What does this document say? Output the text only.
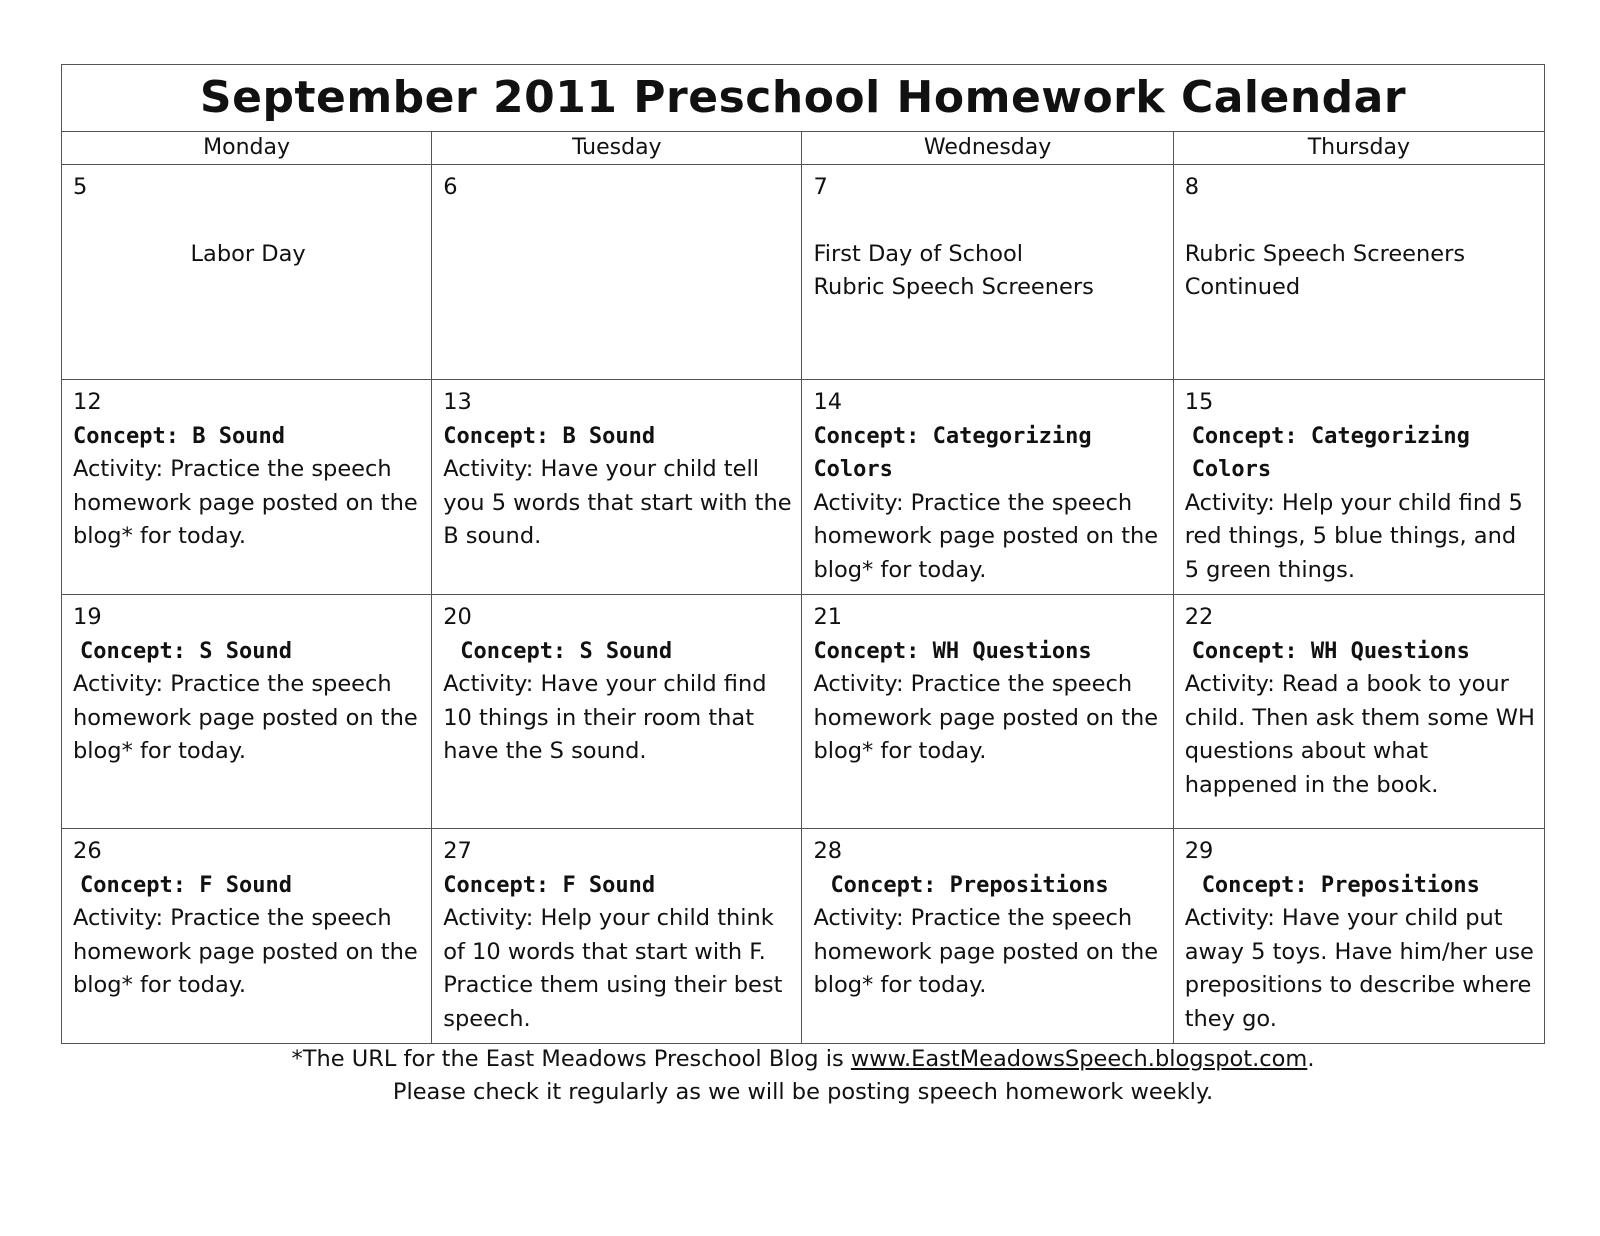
September 2011 Preschool Homework Calendar			
Monday	Tuesday	Wednesday	Thursday

5
Labor Day	6	7
First Day of School
Rubric Speech Screeners	8
Rubric Speech Screeners
Continued

12
Concept: B Sound
Activity: Practice the speech homework page posted on the blog* for today.	13
Concept: B Sound
Activity: Have your child tell you 5 words that start with the B sound.	14
Concept: Categorizing Colors
Activity: Practice the speech homework page posted on the blog* for today.	15
Concept: Categorizing Colors
Activity: Help your child find 5 red things, 5 blue things, and 5 green things.

19
Concept: S Sound
Activity: Practice the speech homework page posted on the blog* for today.	20
Concept: S Sound
Activity: Have your child find 10 things in their room that have the S sound.	21
Concept: WH Questions
Activity: Practice the speech homework page posted on the blog* for today.	22
Concept: WH Questions
Activity: Read a book to your child. Then ask them some WH questions about what happened in the book.

26
Concept: F Sound
Activity: Practice the speech homework page posted on the blog* for today.	27
Concept: F Sound
Activity: Help your child think of 10 words that start with F. Practice them using their best speech.	28
Concept: Prepositions
Activity: Practice the speech homework page posted on the blog* for today.	29
Concept: Prepositions
Activity: Have your child put away 5 toys. Have him/her use prepositions to describe where they go.
*The URL for the East Meadows Preschool Blog is www.EastMeadowsSpeech.blogspot.com.
Please check it regularly as we will be posting speech homework weekly.
